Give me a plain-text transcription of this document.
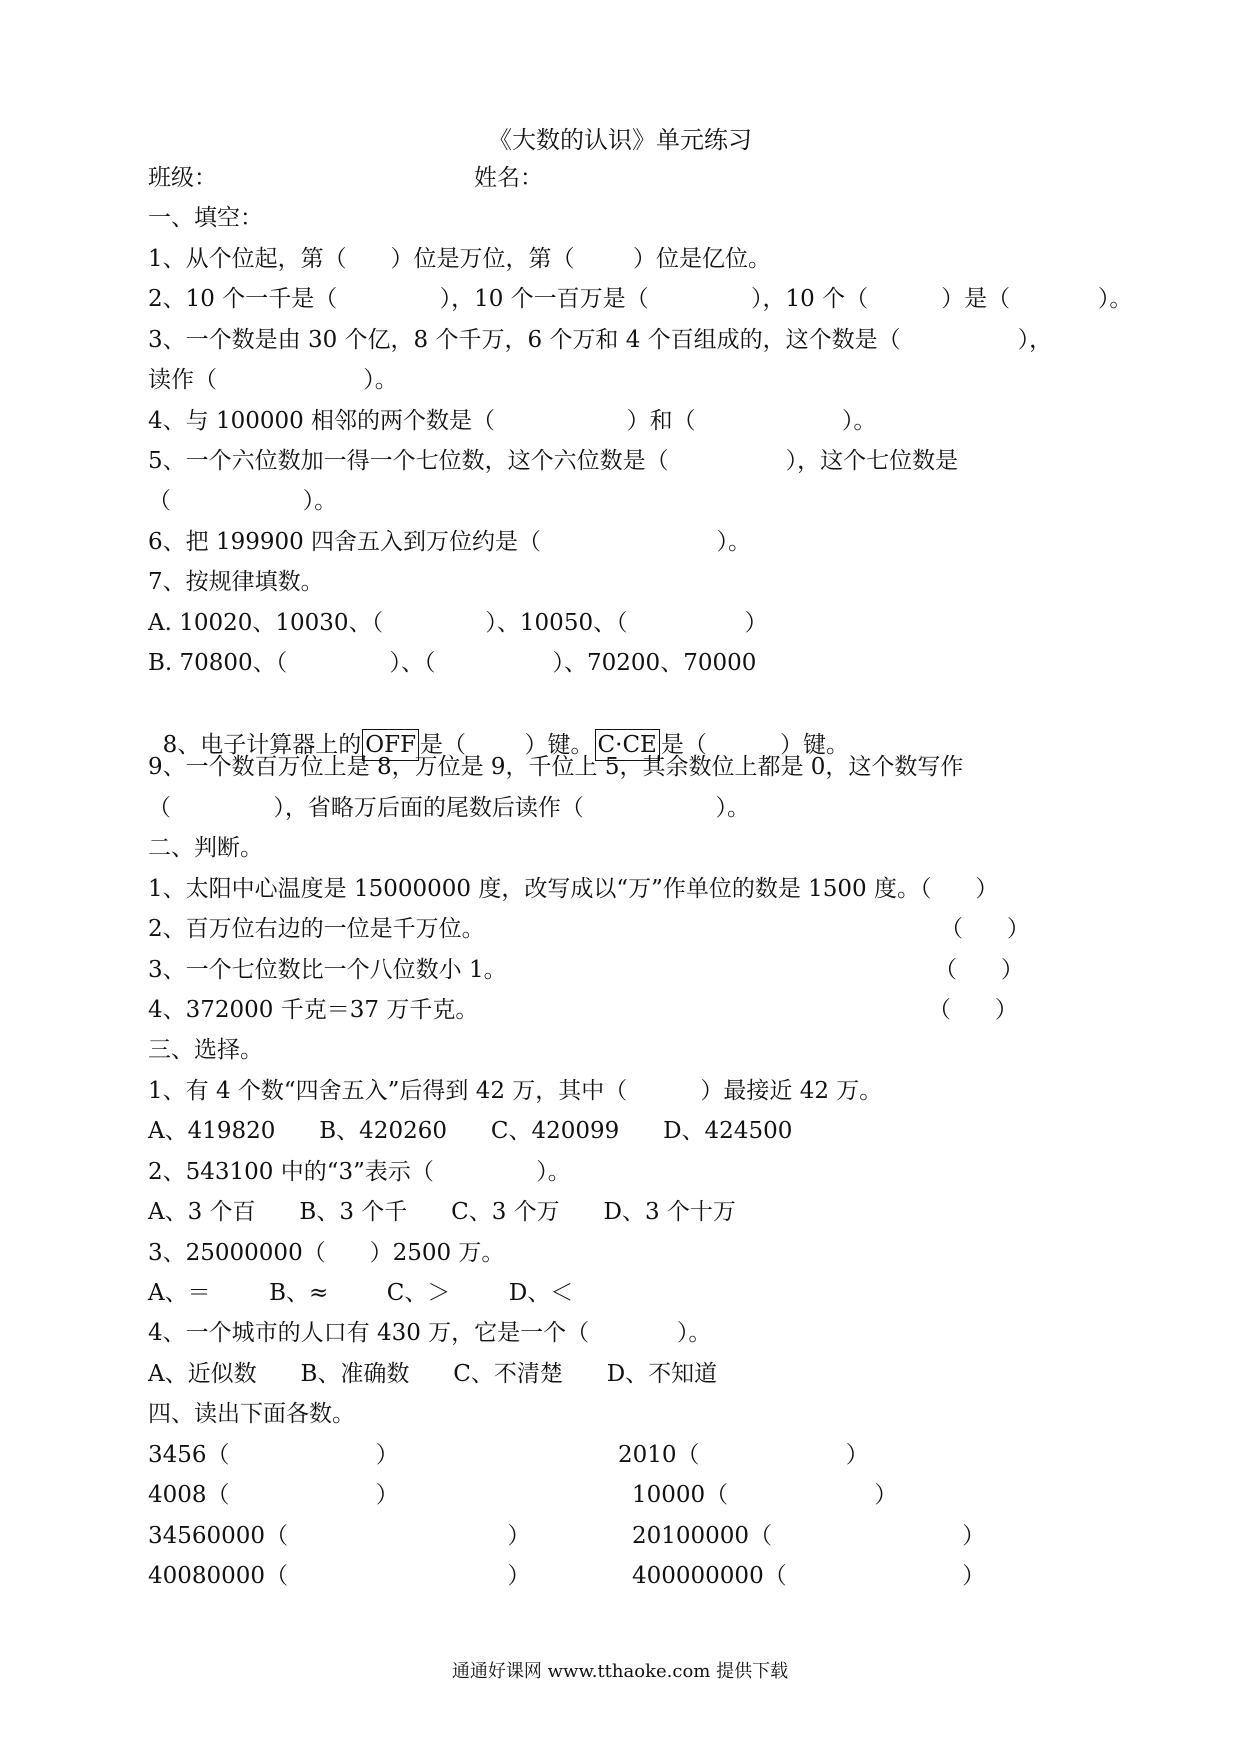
《大数的认识》单元练习
班级：	姓名：
一、填空：
1、从个位起，第（      ）位是万位，第（        ）位是亿位。
2、10 个一千是（              ），10 个一百万是（              ），10 个（          ）是（            ）。
3、一个数是由 30 个亿，8 个千万，6 个万和 4 个百组成的，这个数是（                ），
读作（                    ）。
4、与 100000 相邻的两个数是（                  ）和（                    ）。
5、一个六位数加一得一个七位数，这个六位数是（                ），这个七位数是
（                  ）。
6、把 199900 四舍五入到万位约是（                        ）。
7、按规律填数。
A. 10020、10030、（              ）、10050、（                ）
B. 70800、（              ）、（                ）、70200、70000

8、电子计算器上的 OFF 是（        ）键。 C·CE 是（          ）键。

9、一个数百万位上是 8，万位是 9，千位上 5，其余数位上都是 0，这个数写作
（              ），省略万后面的尾数后读作（                  ）。
二、判断。
1、太阳中心温度是 15000000 度，改写成以“万”作单位的数是 1500 度。（      ）
2、百万位右边的一位是千万位。	（      ）
3、一个七位数比一个八位数小 1。	（      ）
4、372000 千克＝37 万千克。	（      ）
三、选择。
1、有 4 个数“四舍五入”后得到 42 万，其中（          ）最接近 42 万。
A、419820      B、420260      C、420099      D、424500
2、543100 中的“3”表示（              ）。
A、3 个百      B、3 个千      C、3 个万      D、3 个十万
3、25000000（      ）2500 万。
A、＝        B、≈        C、＞        D、＜
4、一个城市的人口有 430 万，它是一个（            ）。
A、近似数      B、准确数      C、不清楚      D、不知道
四、读出下面各数。
3456（                    ）	2010（                    ）
4008（                    ）	10000（                    ）
34560000（                              ）	20100000（                          ）
40080000（                              ）	400000000（                        ）
通通好课网 www.tthaoke.com 提供下载
